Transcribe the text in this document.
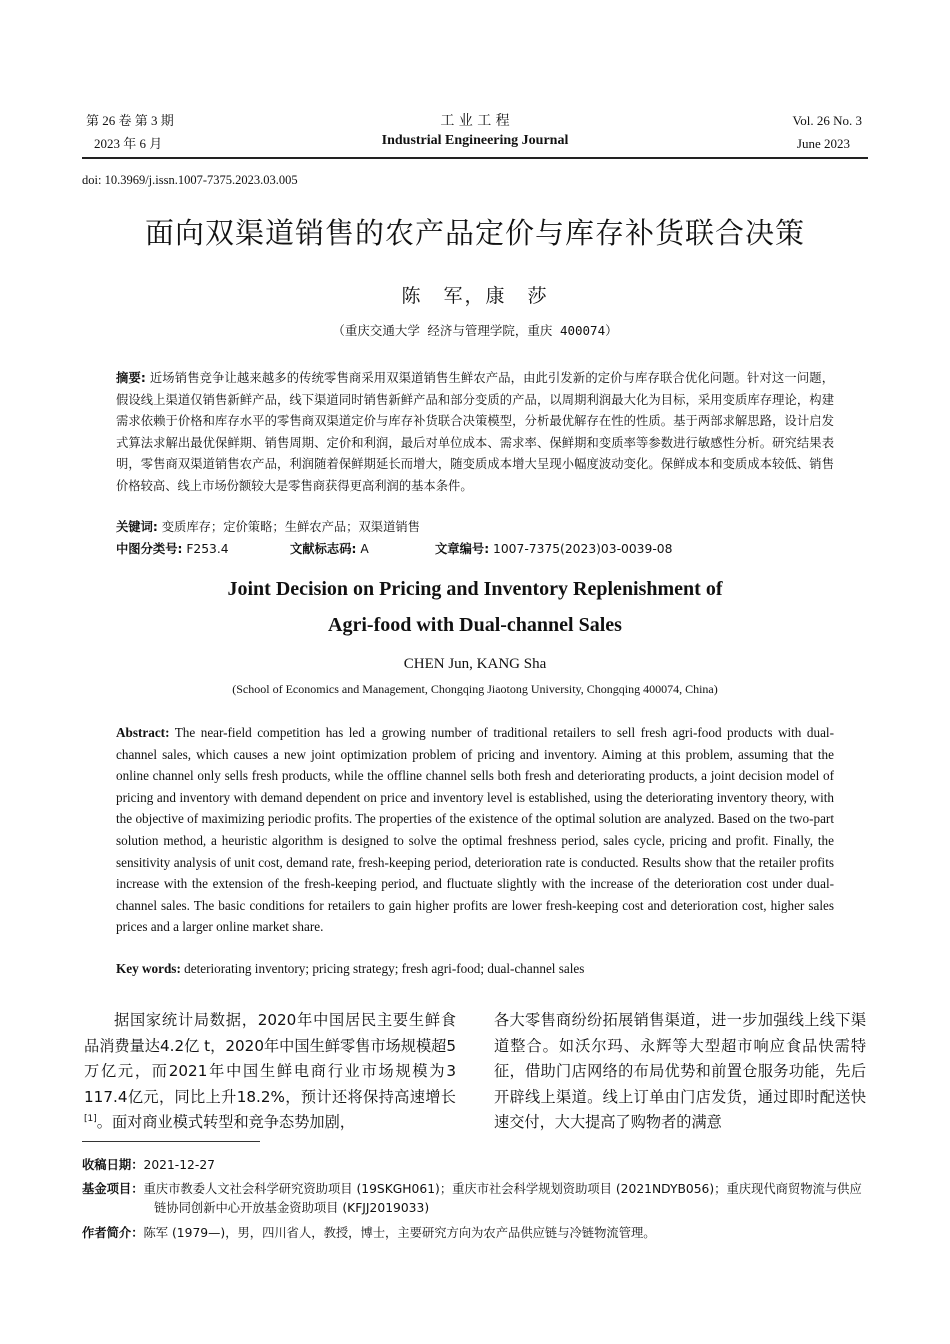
第 26 卷 第 3 期
2023 年 6 月
工 业 工 程
Industrial Engineering Journal
Vol. 26 No. 3
June 2023
doi: 10.3969/j.issn.1007-7375.2023.03.005
面向双渠道销售的农产品定价与库存补货联合决策
陈　军，康　莎
（重庆交通大学 经济与管理学院，重庆 400074）
摘要: 近场销售竞争让越来越多的传统零售商采用双渠道销售生鲜农产品，由此引发新的定价与库存联合优化问题。针对这一问题，假设线上渠道仅销售新鲜产品，线下渠道同时销售新鲜产品和部分变质的产品，以周期利润最大化为目标，采用变质库存理论，构建需求依赖于价格和库存水平的零售商双渠道定价与库存补货联合决策模型，分析最优解存在性的性质。基于两部求解思路，设计启发式算法求解出最优保鲜期、销售周期、定价和利润，最后对单位成本、需求率、保鲜期和变质率等参数进行敏感性分析。研究结果表明，零售商双渠道销售农产品，利润随着保鲜期延长而增大，随变质成本增大呈现小幅度波动变化。保鲜成本和变质成本较低、销售价格较高、线上市场份额较大是零售商获得更高利润的基本条件。
关键词: 变质库存；定价策略；生鲜农产品；双渠道销售
中图分类号: F253.4	文献标志码: A	文章编号: 1007-7375(2023)03-0039-08
Joint Decision on Pricing and Inventory Replenishment of
Agri-food with Dual-channel Sales
CHEN Jun, KANG Sha
(School of Economics and Management, Chongqing Jiaotong University, Chongqing 400074, China)
Abstract: The near-field competition has led a growing number of traditional retailers to sell fresh agri-food products with dual-channel sales, which causes a new joint optimization problem of pricing and inventory. Aiming at this problem, assuming that the online channel only sells fresh products, while the offline channel sells both fresh and deteriorating products, a joint decision model of pricing and inventory with demand dependent on price and inventory level is established, using the deteriorating inventory theory, with the objective of maximizing periodic profits. The properties of the existence of the optimal solution are analyzed. Based on the two-part solution method, a heuristic algorithm is designed to solve the optimal freshness period, sales cycle, pricing and profit. Finally, the sensitivity analysis of unit cost, demand rate, fresh-keeping period, deterioration rate is conducted. Results show that the retailer profits increase with the extension of the fresh-keeping period, and fluctuate slightly with the increase of the deterioration cost under dual-channel sales. The basic conditions for retailers to gain higher profits are lower fresh-keeping cost and deterioration cost, higher sales prices and a larger online market share.
Key words: deteriorating inventory; pricing strategy; fresh agri-food; dual-channel sales
据国家统计局数据，2020年中国居民主要生鲜食品消费量达4.2亿 t，2020年中国生鲜零售市场规模超5万亿元，而2021年中国生鲜电商行业市场规模为3 117.4亿元，同比上升18.2%，预计还将保持高速增长[1]。面对商业模式转型和竞争态势加剧，
各大零售商纷纷拓展销售渠道，进一步加强线上线下渠道整合。如沃尔玛、永辉等大型超市响应食品快需特征，借助门店网络的布局优势和前置仓服务功能，先后开辟线上渠道。线上订单由门店发货，通过即时配送快速交付，大大提高了购物者的满意
收稿日期：2021-12-27
基金项目：重庆市教委人文社会科学研究资助项目 (19SKGH061)；重庆市社会科学规划资助项目 (2021NDYB056)；重庆现代商贸物流与供应链协同创新中心开放基金资助项目 (KFJJ2019033)
作者简介：陈军 (1979—)，男，四川省人，教授，博士，主要研究方向为农产品供应链与冷链物流管理。
